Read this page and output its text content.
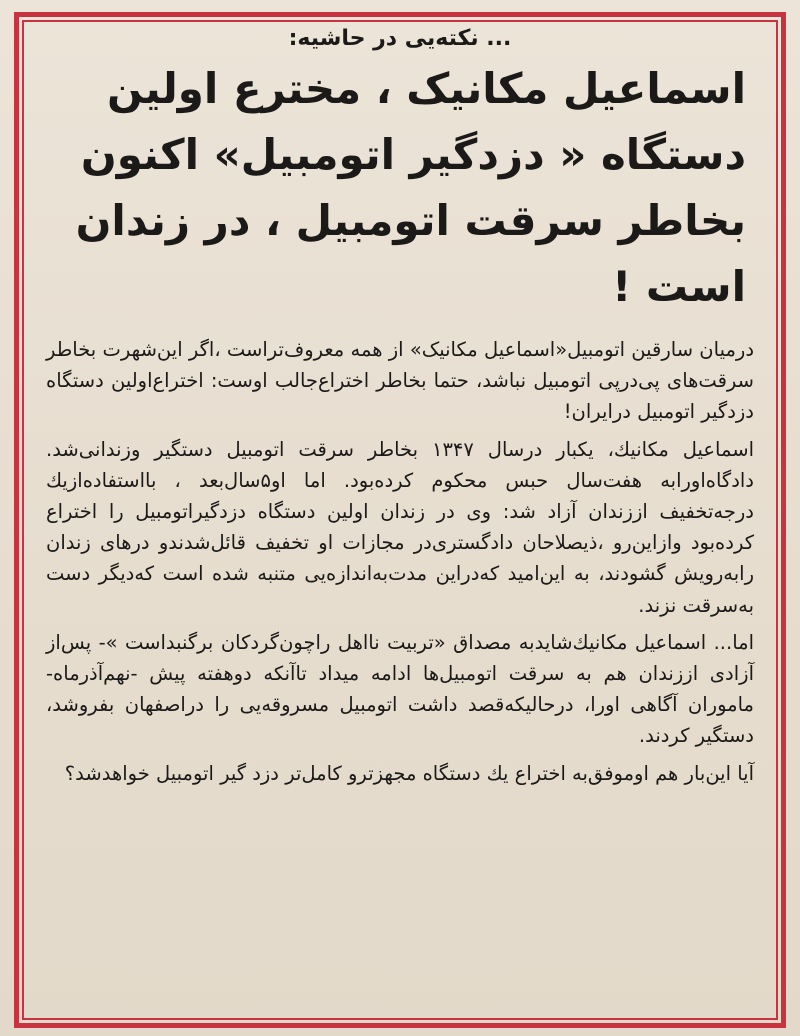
... نکته‌یی در حاشیه:
اسماعیل مکانیک ، مخترع اولین دستگاه « دزدگیر اتومبیل» اکنون بخاطر سرقت اتومبیل ، در زندان است !

درمیان سارقین اتومبیل«اسماعیل مکانیک» از همه معروف‌تراست ،اگر این‌شهرت بخاطر سرقت‌های پی‌درپی اتومبیل نباشد، حتما بخاطر اختراع‌جالب اوست: اختراع‌اولین دستگاه دزدگیر اتومبیل درایران!

اسماعیل مکانیك، یکبار درسال ۱۳۴۷ بخاطر سرقت اتومبیل دستگیر وزندانی‌شد. دادگاه‌اورابه هفت‌سال حبس محکوم کرده‌بود. اما او۵سال‌بعد ، بااستفاده‌ازیك درجه‌تخفیف اززندان آزاد شد: وی در زندان اولین دستگاه دزدگیراتومبیل را اختراع کرده‌بود وازاین‌رو ،ذیصلاحان دادگستری‌در مجازات او تخفیف قائل‌شدندو درهای زندان رابه‌رویش گشودند، به این‌امید که‌دراین مدت‌به‌اندازه‌یی متنبه شده است که‌دیگر دست به‌سرقت نزند.

اما... اسماعیل مکانیك‌شایدبه مصداق «تربیت نااهل راچون‌گردکان برگنبداست »- پس‌از آزادی اززندان هم به سرقت اتومبیل‌ها ادامه میداد تاآنکه دوهفته پیش -نهم‌آذرماه- ماموران آگاهی اورا، درحالیکه‌قصد داشت اتومبیل مسروقه‌یی را دراصفهان بفروشد، دستگیر کردند.

آیا این‌بار هم اوموفق‌به اختراع یك دستگاه مجهزترو کامل‌تر دزد گیر اتومبیل خواهدشد؟
